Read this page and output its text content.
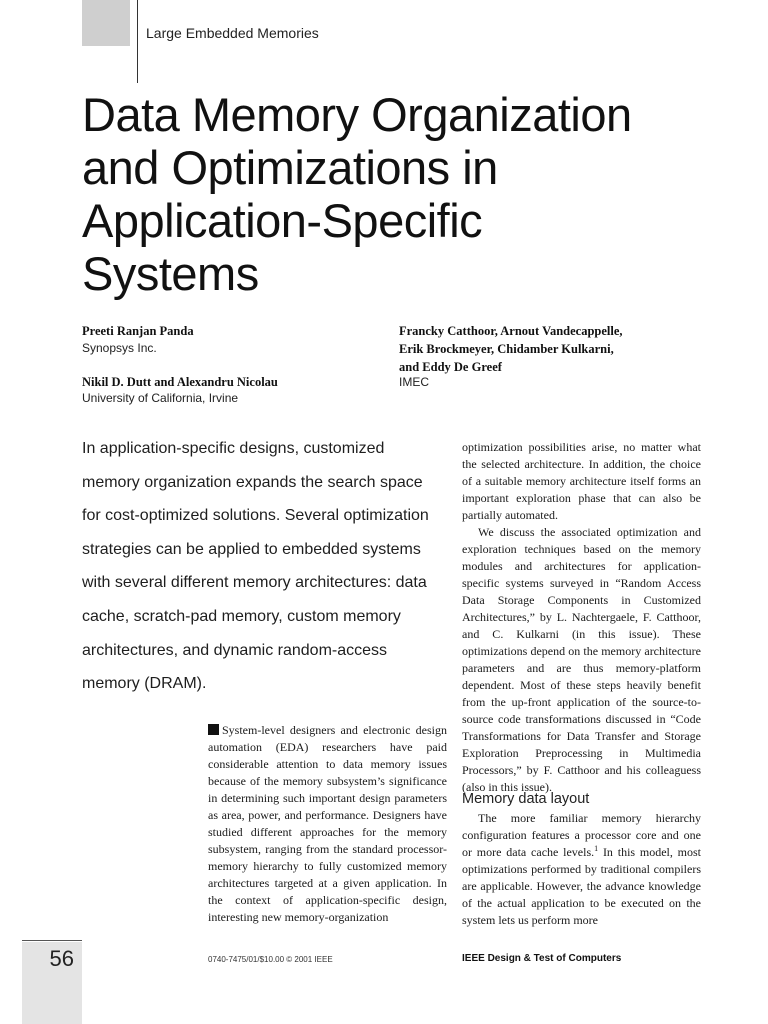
Large Embedded Memories
Data Memory Organization
and Optimizations in
Application-Specific
Systems
Preeti Ranjan Panda
Synopsys Inc.
Nikil D. Dutt and Alexandru Nicolau
University of California, Irvine
Francky Catthoor, Arnout Vandecappelle,
Erik Brockmeyer, Chidamber Kulkarni,
and Eddy De Greef
IMEC

In application-specific designs, customized memory organization expands the search space for cost-optimized solutions. Several optimization strategies can be applied to embedded systems with several different memory architectures: data cache, scratch-pad memory, custom memory architectures, and dynamic random-access memory (DRAM).

System-level designers and electronic design automation (EDA) researchers have paid considerable attention to data memory issues because of the memory subsystem’s significance in determining such important design parameters as area, power, and performance. Designers have studied different approaches for the memory subsystem, ranging from the standard processor-memory hierarchy to fully customized memory architectures targeted at a given application. In the context of application-specific design, interesting new memory-organization

optimization possibilities arise, no matter what the selected architecture. In addition, the choice of a suitable memory architecture itself forms an important exploration phase that can also be partially automated.

We discuss the associated optimization and exploration techniques based on the memory modules and architectures for application-specific systems surveyed in “Random Access Data Storage Components in Customized Architectures,” by L. Nachtergaele, F. Catthoor, and C. Kulkarni (in this issue). These optimizations depend on the memory architecture parameters and are thus memory-platform dependent. Most of these steps heavily benefit from the up-front application of the source-to-source code transformations discussed in “Code Transformations for Data Transfer and Storage Exploration Preprocessing in Multimedia Processors,” by F. Catthoor and his colleaguess (also in this issue).

Memory data layout

The more familiar memory hierarchy configuration features a processor core and one or more data cache levels.$^1$ In this model, most optimizations performed by traditional compilers are applicable. However, the advance knowledge of the actual application to be executed on the system lets us perform more

56	0740-7475/01/$10.00 © 2001 IEEE	IEEE Design & Test of Computers
